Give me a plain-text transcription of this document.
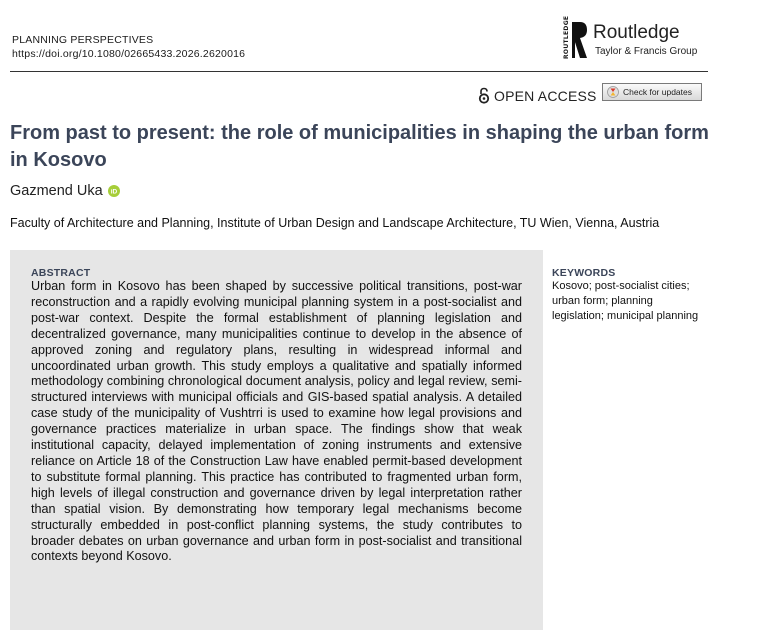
PLANNING PERSPECTIVES
https://doi.org/10.1080/02665433.2026.2620016	ROUTLEDGE Routledge
Taylor & Francis Group
OPEN ACCESS	Check for updates
From past to present: the role of municipalities in shaping the urban form in Kosovo
Gazmend Uka iD
Faculty of Architecture and Planning, Institute of Urban Design and Landscape Architecture, TU Wien, Vienna, Austria
ABSTRACT

Urban form in Kosovo has been shaped by successive political transitions, post-war reconstruction and a rapidly evolving municipal planning system in a post-socialist and post-war context. Despite the formal establishment of planning legislation and decentralized governance, many municipalities continue to develop in the absence of approved zoning and regulatory plans, resulting in widespread informal and uncoordinated urban growth. This study employs a qualitative and spatially informed methodology combining chronological document analysis, policy and legal review, semi-structured interviews with municipal officials and GIS-based spatial analysis. A detailed case study of the municipality of Vushtrri is used to examine how legal provisions and governance practices materialize in urban space. The findings show that weak institutional capacity, delayed implementation of zoning instruments and extensive reliance on Article 18 of the Construction Law have enabled permit-based development to substitute formal planning. This practice has contributed to fragmented urban form, high levels of illegal construction and governance driven by legal interpretation rather than spatial vision. By demonstrating how temporary legal mechanisms become structurally embedded in post-conflict planning systems, the study contributes to broader debates on urban governance and urban form in post-socialist and transitional contexts beyond Kosovo.

KEYWORDS
Kosovo; post-socialist cities; urban form; planning legislation; municipal planning
